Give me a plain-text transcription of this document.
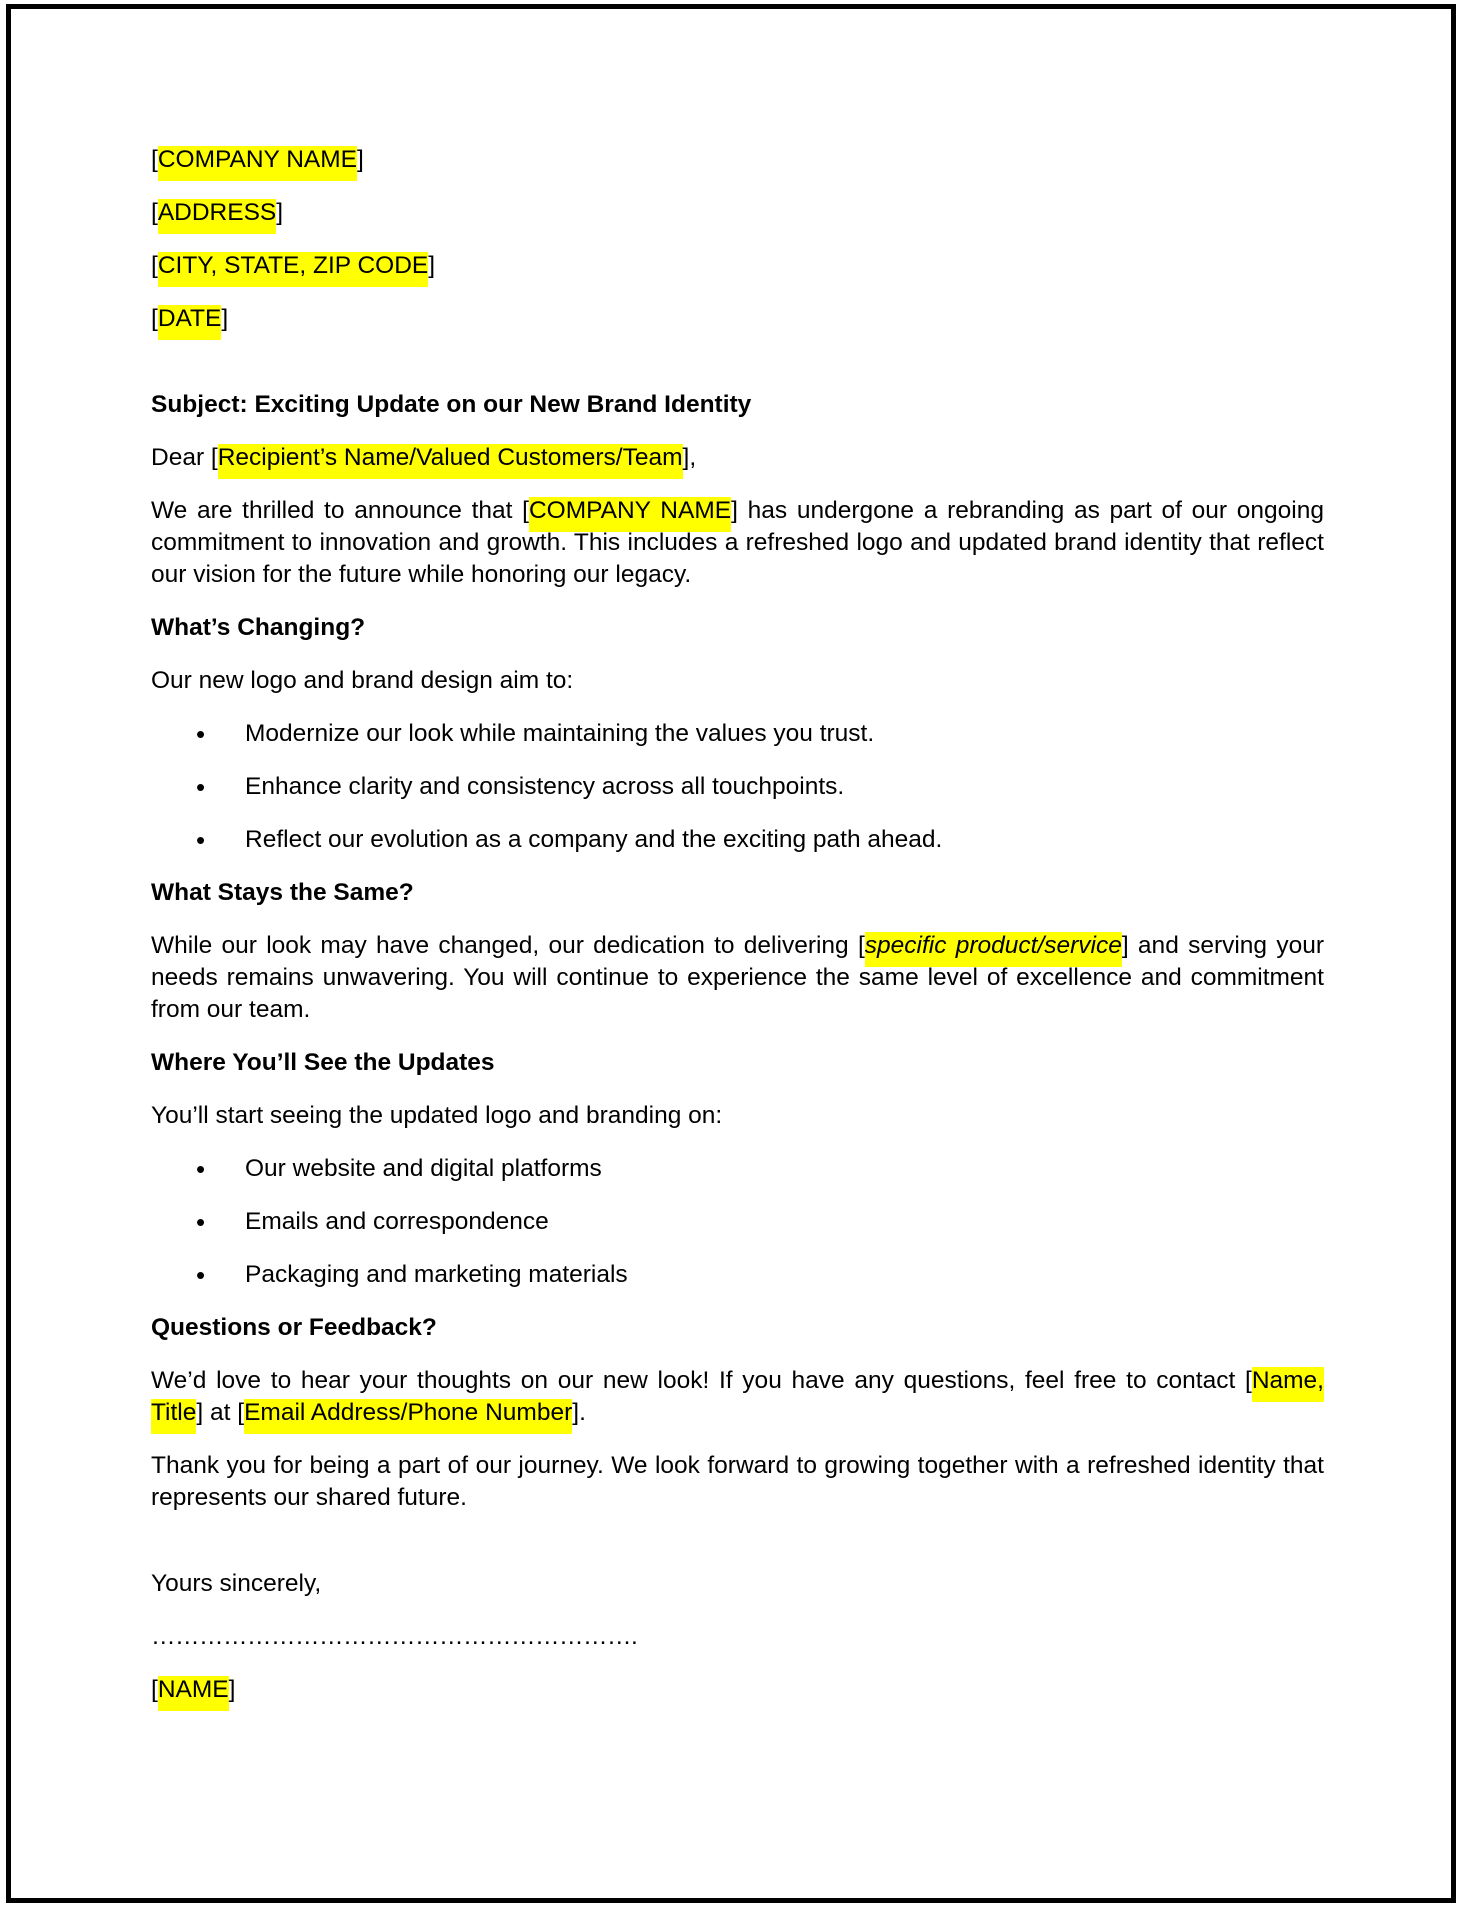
[COMPANY NAME]

[ADDRESS]

[CITY, STATE, ZIP CODE]

[DATE]

Subject: Exciting Update on our New Brand Identity

Dear [Recipient’s Name/Valued Customers/Team],

We are thrilled to announce that [COMPANY NAME] has undergone a rebranding as part of our ongoing commitment to innovation and growth. This includes a refreshed logo and updated brand identity that reflect our vision for the future while honoring our legacy.

What’s Changing?

Our new logo and brand design aim to:

• Modernize our look while maintaining the values you trust.
• Enhance clarity and consistency across all touchpoints.
• Reflect our evolution as a company and the exciting path ahead.
What Stays the Same?

While our look may have changed, our dedication to delivering [specific product/service] and serving your needs remains unwavering. You will continue to experience the same level of excellence and commitment from our team.

Where You’ll See the Updates

You’ll start seeing the updated logo and branding on:

• Our website and digital platforms
• Emails and correspondence
• Packaging and marketing materials
Questions or Feedback?

We’d love to hear your thoughts on our new look! If you have any questions, feel free to contact [Name, Title] at [Email Address/Phone Number].

Thank you for being a part of our journey. We look forward to growing together with a refreshed identity that represents our shared future.

Yours sincerely,

…………………………………………………….

[NAME]
